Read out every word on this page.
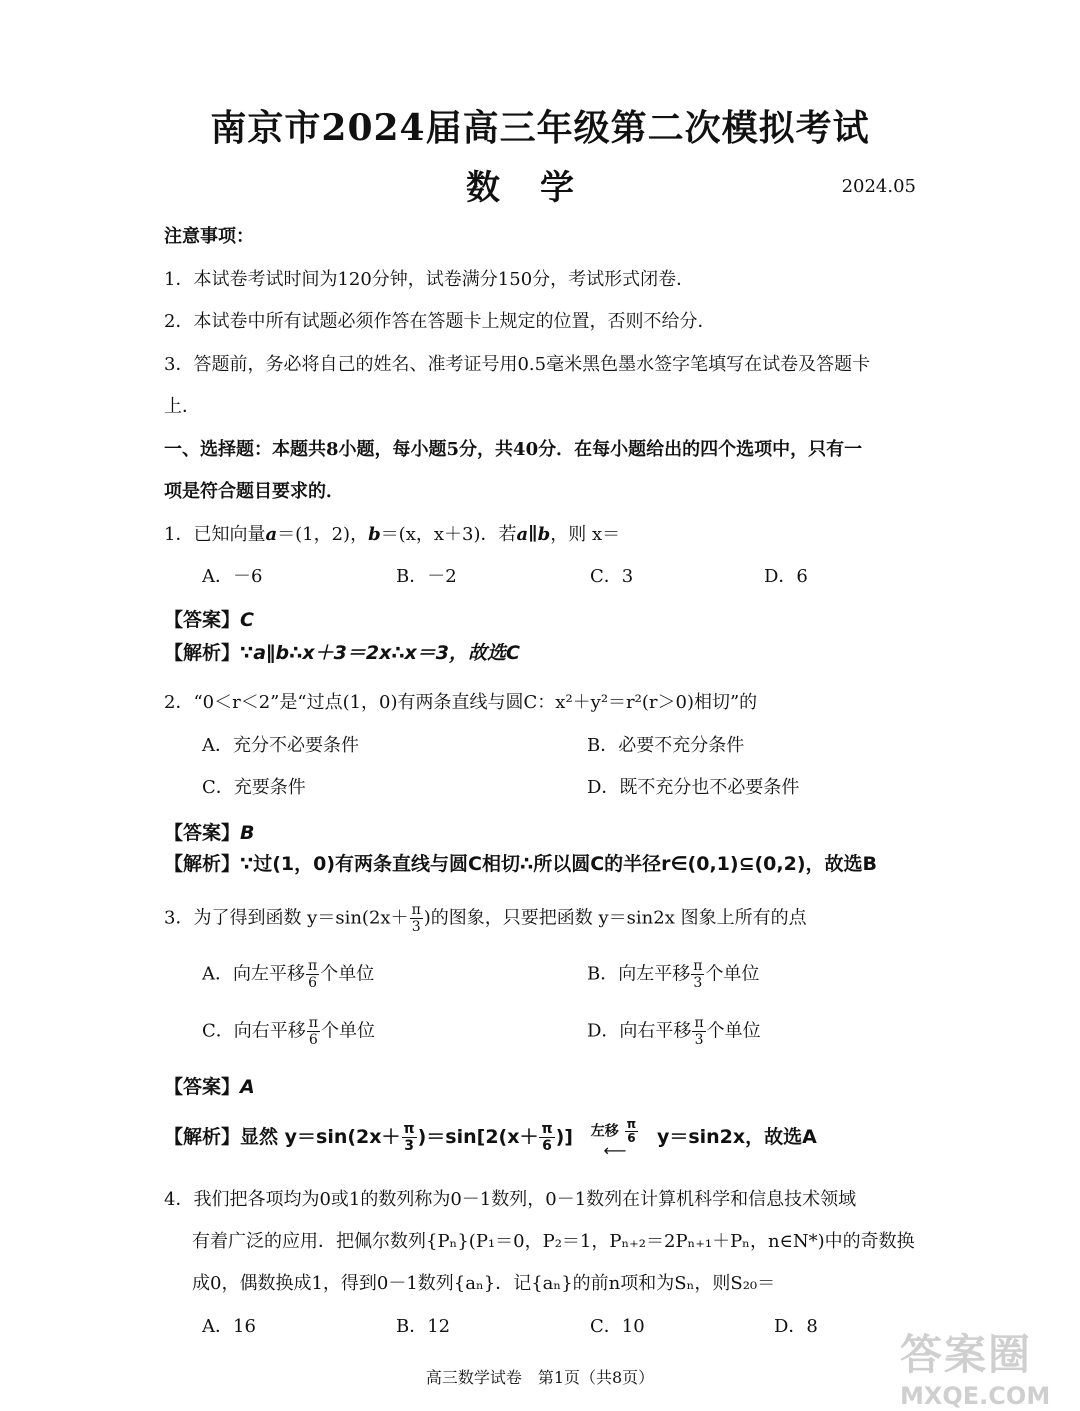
南京市2024届高三年级第二次模拟考试
数学	2024.05
注意事项：
1．本试卷考试时间为120分钟，试卷满分150分，考试形式闭卷．
2．本试卷中所有试题必须作答在答题卡上规定的位置，否则不给分．
3．答题前，务必将自己的姓名、准考证号用0.5毫米黑色墨水签字笔填写在试卷及答题卡
上．
一、选择题：本题共8小题，每小题5分，共40分．在每小题给出的四个选项中，只有一
项是符合题目要求的．
1．已知向量a＝(1，2)，b＝(x，x＋3)．若a∥b，则 x＝
A．－6	B．－2	C．3	D．6
【答案】C
【解析】∵a∥b∴x＋3＝2x∴x＝3，故选C
2．“0＜r＜2”是“过点(1，0)有两条直线与圆C：x²＋y²＝r²(r＞0)相切”的
A．充分不必要条件	B．必要不充分条件
C．充要条件	D．既不充分也不必要条件
【答案】B
【解析】∵过(1，0)有两条直线与圆C相切∴所以圆C的半径r∈(0,1)⊆(0,2)，故选B
3．为了得到函数 $y=\sin(2x+ \frac{\pi}{3}$ )的图象，只要把函数 y＝sin2x 图象上所有的点
A．向左平移 $\frac{\pi}{6}$ 个单位	B．向左平移 $\frac{\pi}{3}$ 个单位
C．向右平移 $\frac{\pi}{6}$ 个单位	D．向右平移 $\frac{\pi}{3}$ 个单位
【答案】A
【解析】显然 $y=\sin(2x+ \frac{\pi}{3} )=\sin[2(x+ \frac{\pi}{6}$ )]	左移 $\frac{\pi}{6}$
⟵
y＝sin2x，故选A
4．我们把各项均为0或1的数列称为0－1数列，0－1数列在计算机科学和信息技术领域
有着广泛的应用．把佩尔数列{Pₙ}(P₁＝0，P₂＝1，Pₙ₊₂＝2Pₙ₊₁＋Pₙ，n∈N*)中的奇数换
成0，偶数换成1，得到0－1数列{aₙ}．记{aₙ}的前n项和为Sₙ，则S₂₀＝
A．16	B．12	C．10	D．8
高三数学试卷　第1页（共8页）	答案圈
MXQE.COM
